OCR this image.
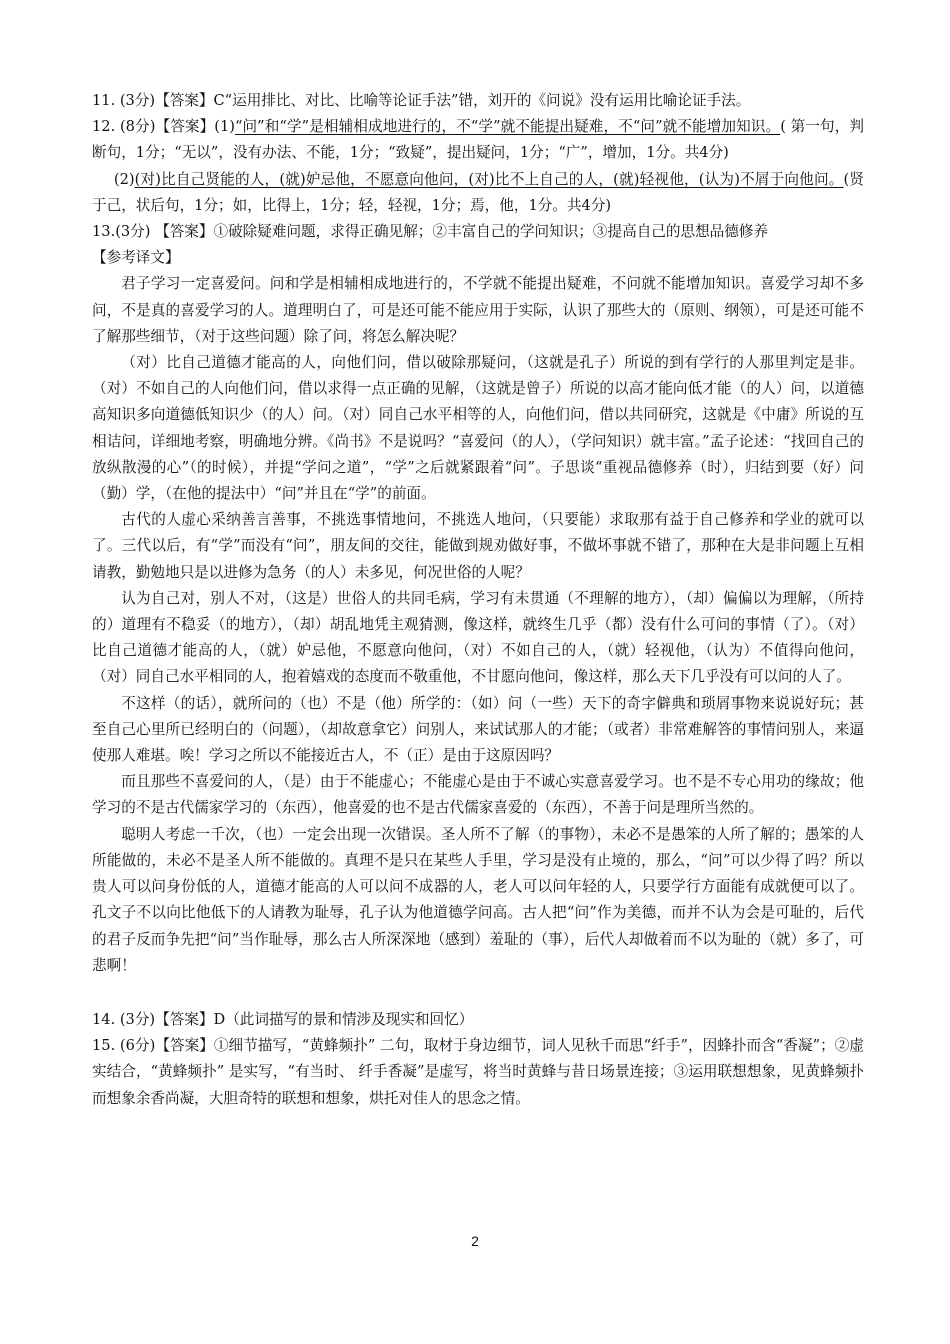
11. (3分)【答案】C“运用排比、对比、比喻等论证手法”错，刘开的《问说》没有运用比喻论证手法。

12. (8分)【答案】(1)“问”和“学”是相辅相成地进行的，不“学”就不能提出疑难，不“问”就不能增加知识。( 第一句，判断句，1分；“无以”，没有办法、不能，1分；“致疑”，提出疑问，1分；“广”，增加，1分。共4分)

(2)(对)比自己贤能的人，(就)妒忌他，不愿意向他问，(对)比不上自己的人，(就)轻视他，(认为)不屑于向他问。(贤于己，状后句，1分；如，比得上，1分；轻，轻视，1分；焉，他，1分。共4分)

13.(3分) 【答案】①破除疑难问题，求得正确见解；②丰富自己的学问知识；③提高自己的思想品德修养

【参考译文】

君子学习一定喜爱问。问和学是相辅相成地进行的，不学就不能提出疑难，不问就不能增加知识。喜爱学习却不多问，不是真的喜爱学习的人。道理明白了，可是还可能不能应用于实际，认识了那些大的（原则、纲领），可是还可能不了解那些细节，（对于这些问题）除了问，将怎么解决呢？

（对）比自己道德才能高的人，向他们问，借以破除那疑问，（这就是孔子）所说的到有学行的人那里判定是非。（对）不如自己的人向他们问，借以求得一点正确的见解，（这就是曾子）所说的以高才能向低才能（的人）问，以道德高知识多向道德低知识少（的人）问。（对）同自己水平相等的人，向他们问，借以共同研究，这就是《中庸》所说的互相诘问，详细地考察，明确地分辨。《尚书》不是说吗？“喜爱问（的人），（学问知识）就丰富。”孟子论述：“找回自己的放纵散漫的心”（的时候），并提“学问之道”，“学”之后就紧跟着“问”。子思谈“重视品德修养（时），归结到要（好）问（勤）学，（在他的提法中）“问”并且在“学”的前面。

古代的人虚心采纳善言善事，不挑选事情地问，不挑选人地问，（只要能）求取那有益于自己修养和学业的就可以了。三代以后，有“学”而没有“问”，朋友间的交往，能做到规劝做好事，不做坏事就不错了，那种在大是非问题上互相请教，勤勉地只是以进修为急务（的人）未多见，何况世俗的人呢？

认为自己对，别人不对，（这是）世俗人的共同毛病，学习有未贯通（不理解的地方），（却）偏偏以为理解，（所持的）道理有不稳妥（的地方），（却）胡乱地凭主观猜测，像这样，就终生几乎（都）没有什么可问的事情（了）。（对）比自己道德才能高的人，（就）妒忌他，不愿意向他问，（对）不如自己的人，（就）轻视他，（认为）不值得向他问，（对）同自己水平相同的人，抱着嬉戏的态度而不敬重他，不甘愿向他问，像这样，那么天下几乎没有可以问的人了。

不这样（的话），就所问的（也）不是（他）所学的：（如）问（一些）天下的奇字僻典和琐屑事物来说说好玩；甚至自己心里所已经明白的（问题），（却故意拿它）问别人，来试试那人的才能；（或者）非常难解答的事情问别人，来逼使那人难堪。唉！学习之所以不能接近古人，不（正）是由于这原因吗？

而且那些不喜爱问的人，（是）由于不能虚心；不能虚心是由于不诚心实意喜爱学习。也不是不专心用功的缘故；他学习的不是古代儒家学习的（东西），他喜爱的也不是古代儒家喜爱的（东西），不善于问是理所当然的。

聪明人考虑一千次，（也）一定会出现一次错误。圣人所不了解（的事物），未必不是愚笨的人所了解的；愚笨的人所能做的，未必不是圣人所不能做的。真理不是只在某些人手里，学习是没有止境的，那么，“问”可以少得了吗？所以贵人可以问身份低的人，道德才能高的人可以问不成器的人，老人可以问年轻的人，只要学行方面能有成就便可以了。孔文子不以向比他低下的人请教为耻辱，孔子认为他道德学问高。古人把“问”作为美德，而并不认为会是可耻的，后代的君子反而争先把“问”当作耻辱，那么古人所深深地（感到）羞耻的（事），后代人却做着而不以为耻的（就）多了，可悲啊！

14. (3分)【答案】D（此词描写的景和情涉及现实和回忆）

15. (6分)【答案】①细节描写，“黄蜂频扑” 二句，取材于身边细节，词人见秋千而思“纤手”，因蜂扑而含“香凝”；②虚实结合，“黄蜂频扑” 是实写，“有当时、 纤手香凝”是虚写，将当时黄蜂与昔日场景连接；③运用联想想象，见黄蜂频扑而想象余香尚凝，大胆奇特的联想和想象，烘托对佳人的思念之情。

2
